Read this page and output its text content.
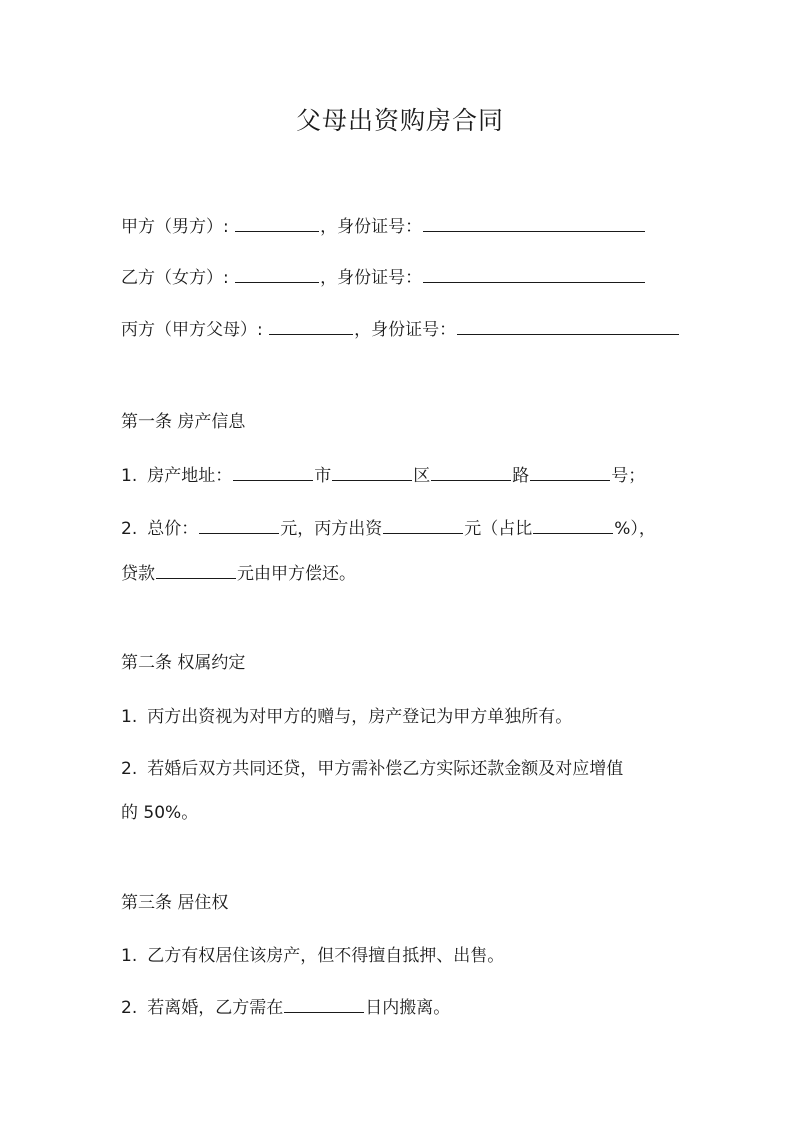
父母出资购房合同
甲方（男方）:	，身份证号：
乙方（女方）:	，身份证号：
丙方（甲方父母）:	，身份证号：
第一条 房产信息
1. 房产地址：	市	区	路	号；
2. 总价：	元，丙方出资	元（占比	%），
贷款	元由甲方偿还。
第二条 权属约定
1. 丙方出资视为对甲方的赠与，房产登记为甲方单独所有。
2. 若婚后双方共同还贷，甲方需补偿乙方实际还款金额及对应增值
的 50%。
第三条 居住权
1. 乙方有权居住该房产，但不得擅自抵押、出售。
2. 若离婚，乙方需在	日内搬离。
